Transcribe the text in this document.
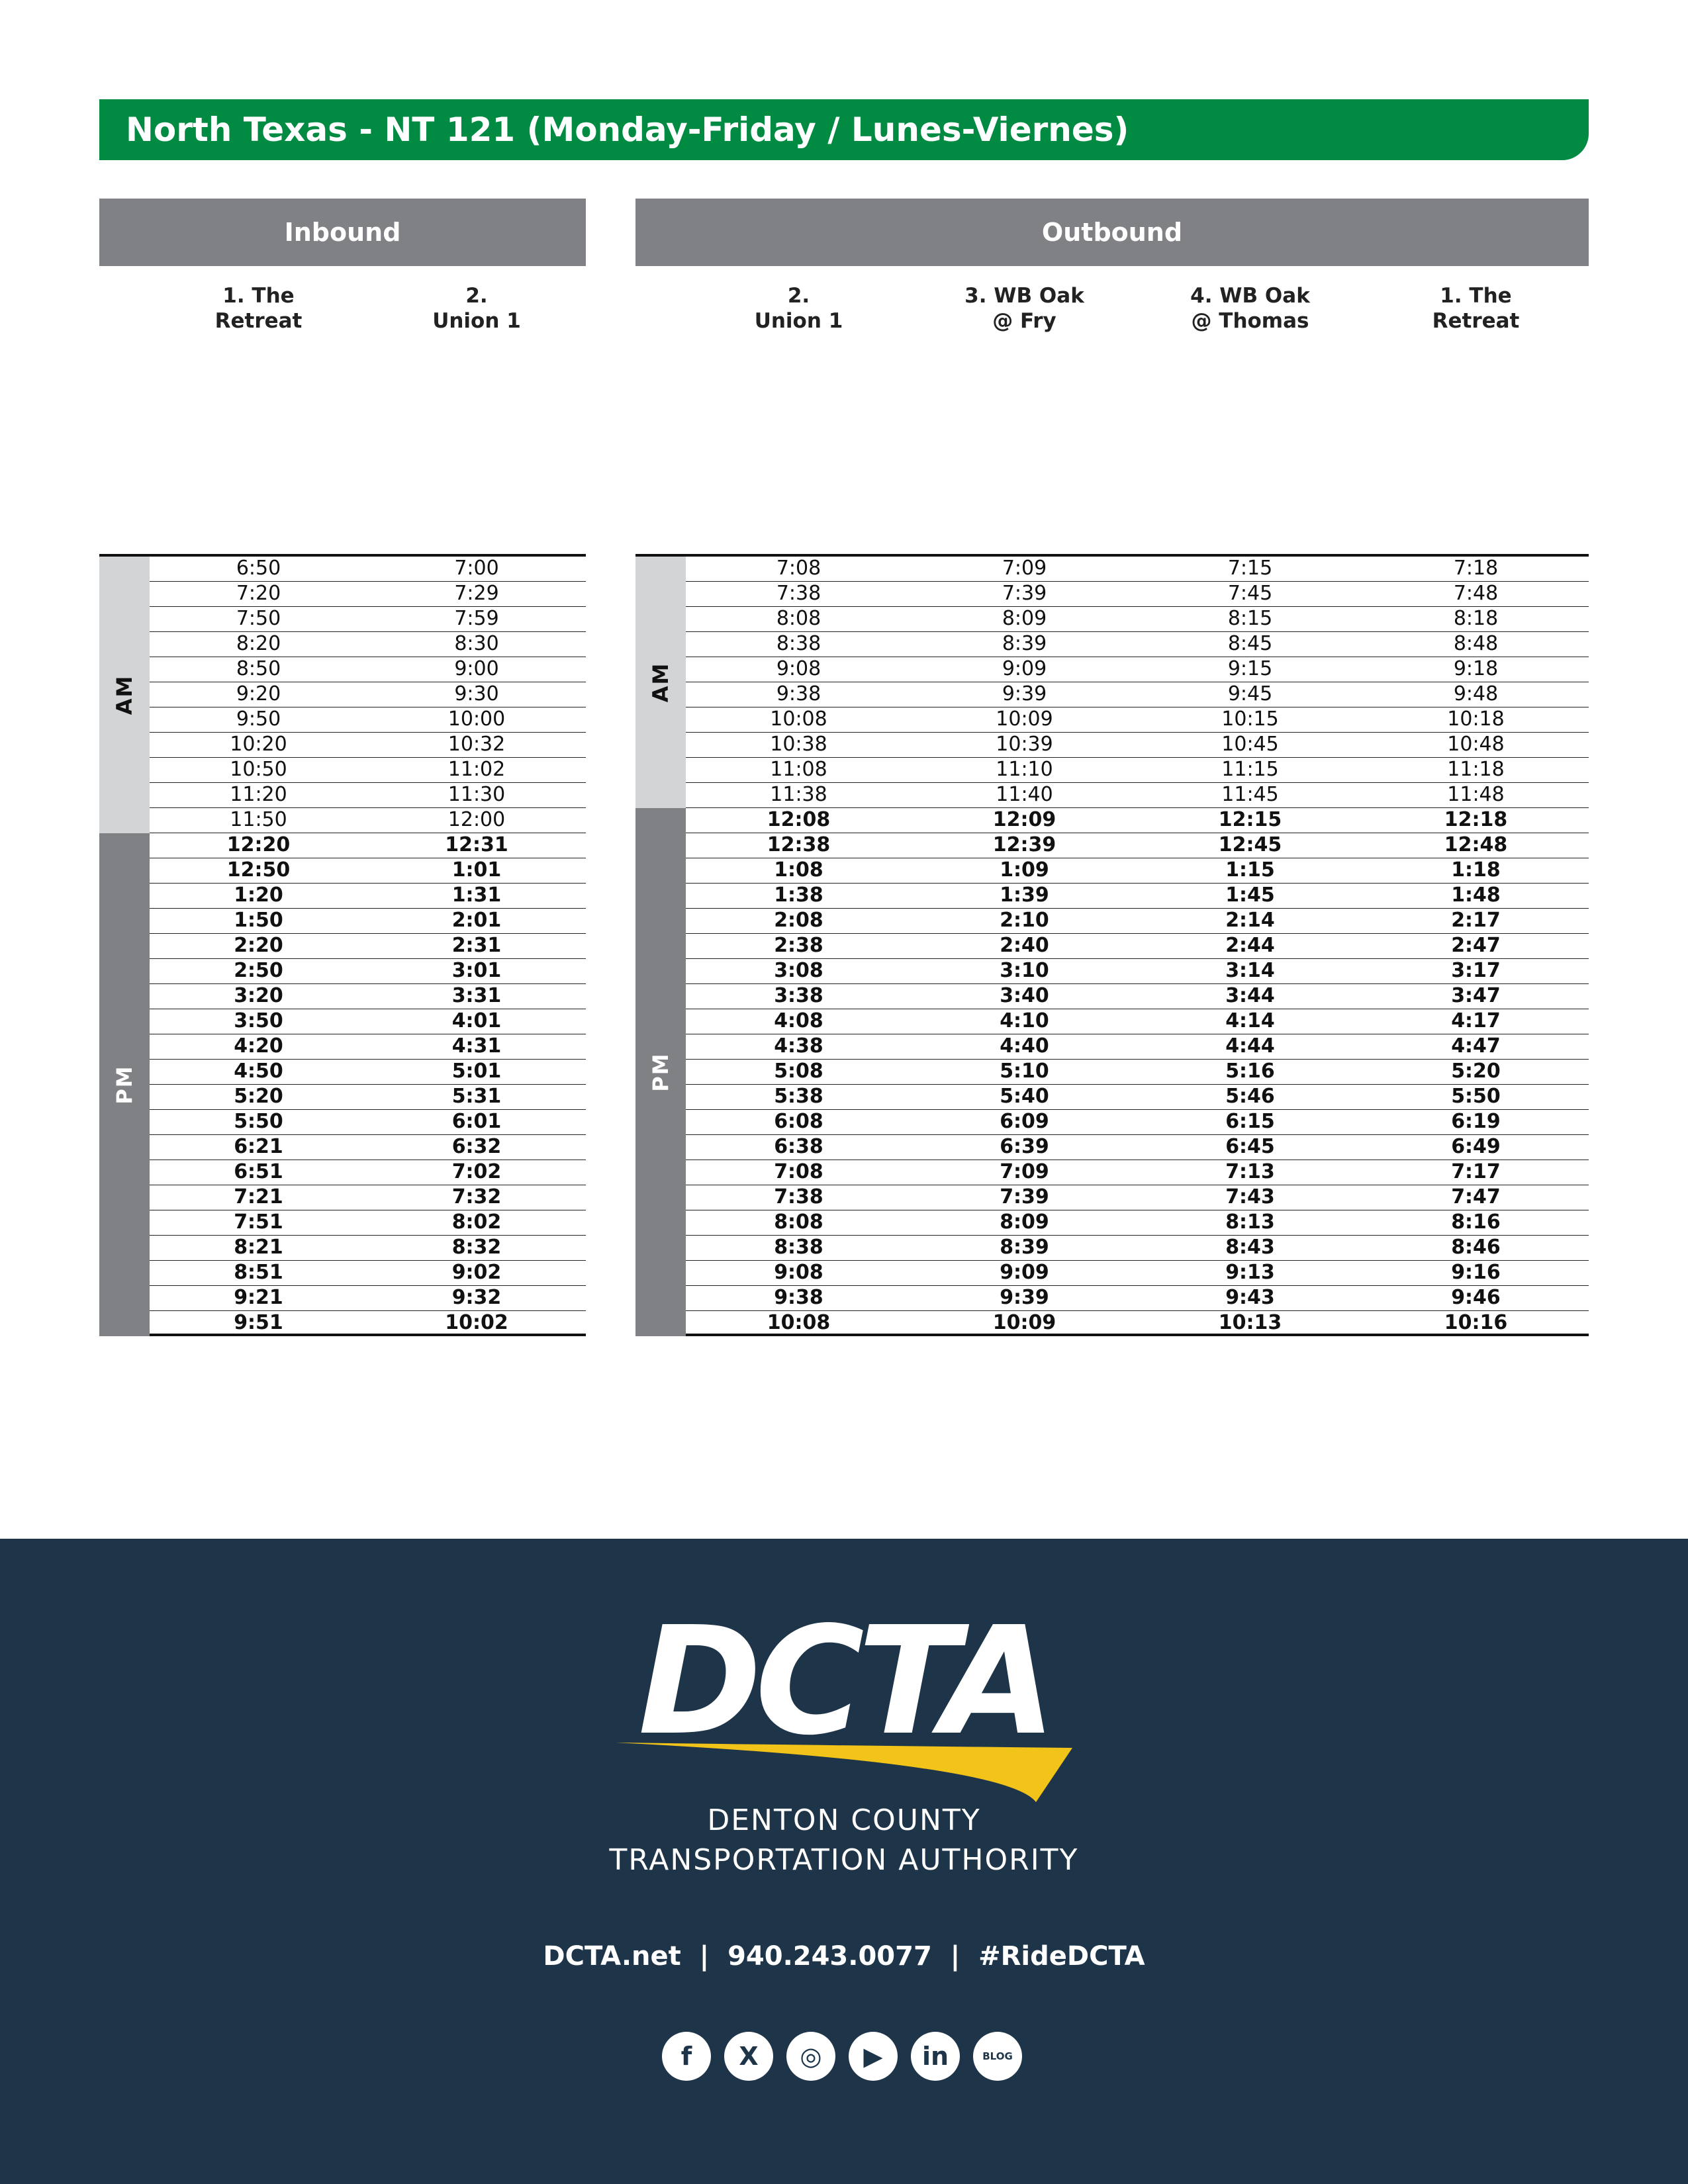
North Texas - NT 121 (Monday-Friday / Lunes-Viernes)
Inbound
1. The
Retreat
2.
Union 1
AM
PM
6:50	7:00
7:20	7:29
7:50	7:59
8:20	8:30
8:50	9:00
9:20	9:30
9:50	10:00
10:20	10:32
10:50	11:02
11:20	11:30
11:50	12:00
12:20	12:31
12:50	1:01
1:20	1:31
1:50	2:01
2:20	2:31
2:50	3:01
3:20	3:31
3:50	4:01
4:20	4:31
4:50	5:01
5:20	5:31
5:50	6:01
6:21	6:32
6:51	7:02
7:21	7:32
7:51	8:02
8:21	8:32
8:51	9:02
9:21	9:32
9:51	10:02
Outbound
2.
Union 1
3. WB Oak
@ Fry
4. WB Oak
@ Thomas
1. The
Retreat
AM
PM
7:08	7:09	7:15	7:18
7:38	7:39	7:45	7:48
8:08	8:09	8:15	8:18
8:38	8:39	8:45	8:48
9:08	9:09	9:15	9:18
9:38	9:39	9:45	9:48
10:08	10:09	10:15	10:18
10:38	10:39	10:45	10:48
11:08	11:10	11:15	11:18
11:38	11:40	11:45	11:48
12:08	12:09	12:15	12:18
12:38	12:39	12:45	12:48
1:08	1:09	1:15	1:18
1:38	1:39	1:45	1:48
2:08	2:10	2:14	2:17
2:38	2:40	2:44	2:47
3:08	3:10	3:14	3:17
3:38	3:40	3:44	3:47
4:08	4:10	4:14	4:17
4:38	4:40	4:44	4:47
5:08	5:10	5:16	5:20
5:38	5:40	5:46	5:50
6:08	6:09	6:15	6:19
6:38	6:39	6:45	6:49
7:08	7:09	7:13	7:17
7:38	7:39	7:43	7:47
8:08	8:09	8:13	8:16
8:38	8:39	8:43	8:46
9:08	9:09	9:13	9:16
9:38	9:39	9:43	9:46
10:08	10:09	10:13	10:16
DCTA
DENTON COUNTY
TRANSPORTATION AUTHORITY
DCTA.net  |  940.243.0077  |  #RideDCTA
f	X	◎	▶	in	BLOG
